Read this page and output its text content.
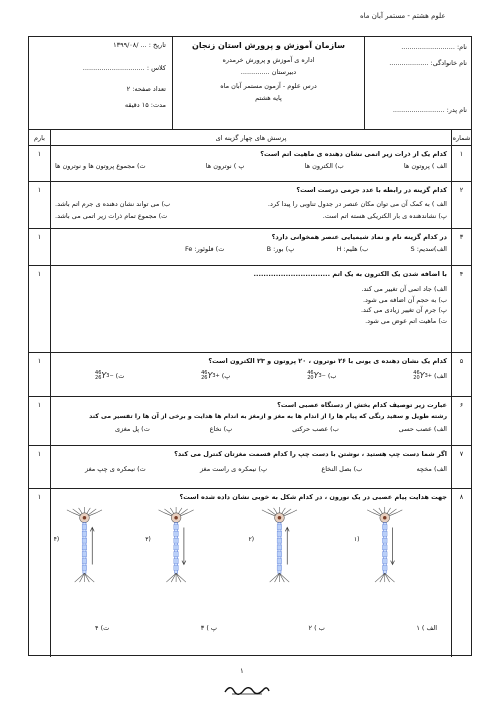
علوم هشتم - مستمر آبان ماه
نام: ..........................
نام خانوادگی: ...................
نام پدر: .........................
سازمان آموزش و پرورش استان زنجان
اداره ی آموزش و پرورش خرمدره
دبیرستان ..............
درس علوم - آزمون مستمر آبان ماه
پایه هشتم
تاریخ : ... /۱۳۹۹/۰۸
کلاس : ..............................
تعداد صفحه: ۲
مدت: ۱۵ دقیقه
شماره
پرسش های چهار گزینه ای
بارم
۱
کدام یک از ذرات زیر اتمی نشان دهنده ی ماهیت اتم است؟
الف ) پروتون ها
ب) الکترون ها
پ ) نوترون ها
ت) مجموع پروتون ها و نوترون ها
۱
۲
کدام گزینه در رابطه با عدد جرمی درست است؟
الف ) به کمک آن می توان مکان عنصر در جدول تناوبی را پیدا کرد.
ب) می تواند نشان دهنده ی جرم اتم باشد.
پ) نشاندهنده ی بار الکتریکی هسته اتم است.
ت) مجموع تمام ذرات زیر اتمی می باشد.
۱
۳
در کدام گزینه نام و نماد شیمیایی عنصر همخوانی دارد؟
الف)سدیم: S
ب) هلیم: H
پ) بور: B
ت) فلوئور: Fe
۱
۴
با اضافه شدن یک الکترون به یک اتم ...............................
الف) جاد اتمی آن تغییر می کند.
ب) به حجم آن اضافه می شود.
پ) جرم آن تغییر زیادی می کند.
ت) ماهیت اتم عوض می شود.
۱
۵
کدام یک نشان دهنده ی یونی با ۲۶ نوترون ، ۲۰ پروتون و ۲۳ الکترون است؟
الف)
46
20 Y 3+
ب)
46
20 Y 3−
پ)
46
26 Y 3+
ت)
46
26 Y 3−
۱
۶
عبارت زیر توصیف کدام بخش از دستگاه عصبی است؟
رشته طویل و سفید رنگی که پیام ها را از اندام ها به مغز و ازمغز به اندام ها هدایت و برخی از آن ها را تفسیر می کند
الف) عصب حسی
ب) عصب حرکتی
پ) نخاع
ت) پل مغزی
۱
۷
اگر شما دست چپ هستید ، نوشتن با دست چپ را کدام قسمت مغزتان کنترل می کند؟
الف) مخچه
ب) بصل النخاع
پ) نیمکره ی راست مغز
ت) نیمکره ی چپ مغز
۱
۸
جهت هدایت پیام عصبی در یک نورون ، در کدام شکل به خوبی نشان داده شده است؟
(۱
(۲
(۳
(۴
الف ) ۱
ب ) ۲
پ ) ۳
ت) ۴
۱
۱
